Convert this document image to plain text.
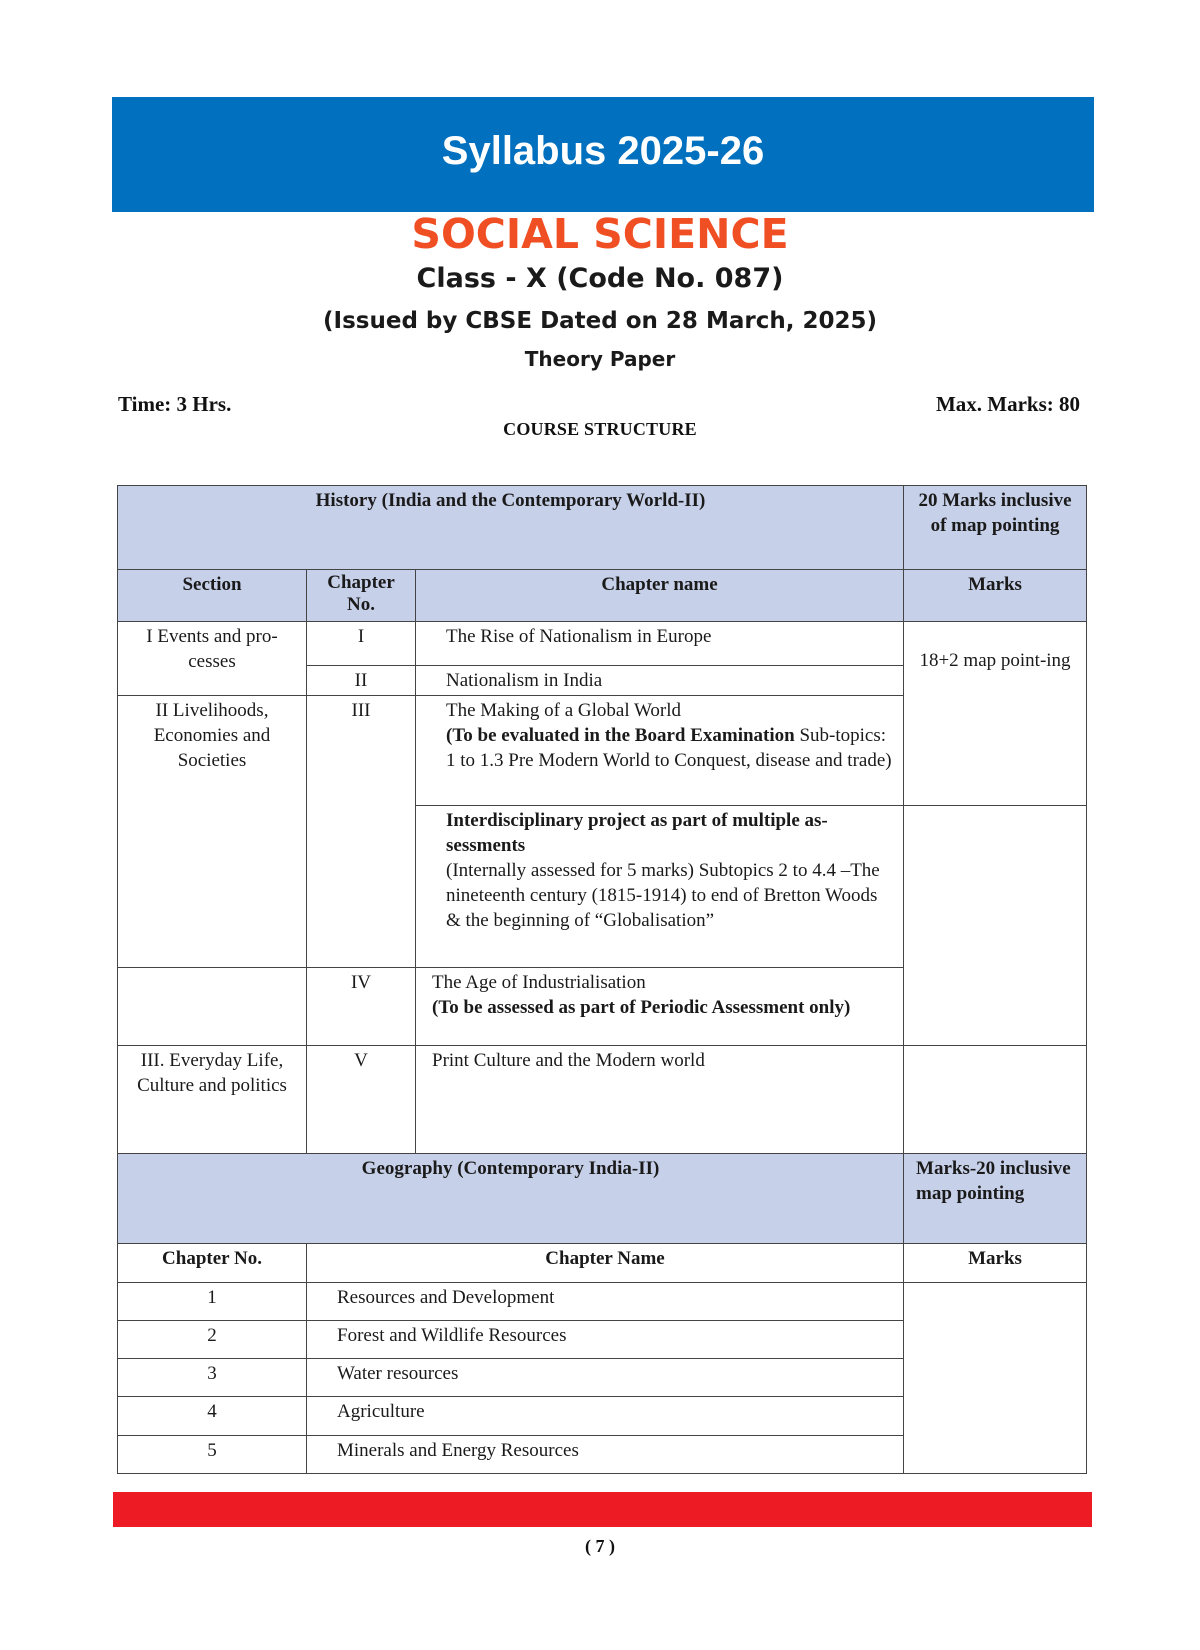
Syllabus 2025-26
SOCIAL SCIENCE
Class - X (Code No. 087)
(Issued by CBSE Dated on 28 March, 2025)
Theory Paper
Time: 3 Hrs.	Max. Marks: 80
COURSE STRUCTURE
History (India and the Contemporary World-II)			20 Marks inclusive of map pointing
Section	Chapter No.	Chapter name	Marks
I Events and pro-cesses	I	The Rise of Nationalism in Europe	18+2 map point-ing
	II	Nationalism in India	
II Livelihoods, Economies and Societies	III	The Making of a Global World
(To be evaluated in the Board Examination Sub-topics: 1 to 1.3 Pre Modern World to Conquest, disease and trade)	

		Interdisciplinary project as part of multiple as-sessments
(Internally assessed for 5 marks) Subtopics 2 to 4.4 –The nineteenth century (1815-1914) to end of Bretton Woods & the beginning of “Globalisation”	

	IV	The Age of Industrialisation
(To be assessed as part of Periodic Assessment only)	

III. Everyday Life, Culture and politics	V	Print Culture and the Modern world	
Geography (Contemporary India-II)			Marks-20 inclusive map pointing
Chapter No.	Chapter Name		Marks
1	Resources and Development		
2	Forest and Wildlife Resources		
3	Water resources		
4	Agriculture		
5	Minerals and Energy Resources		
( 7 )
